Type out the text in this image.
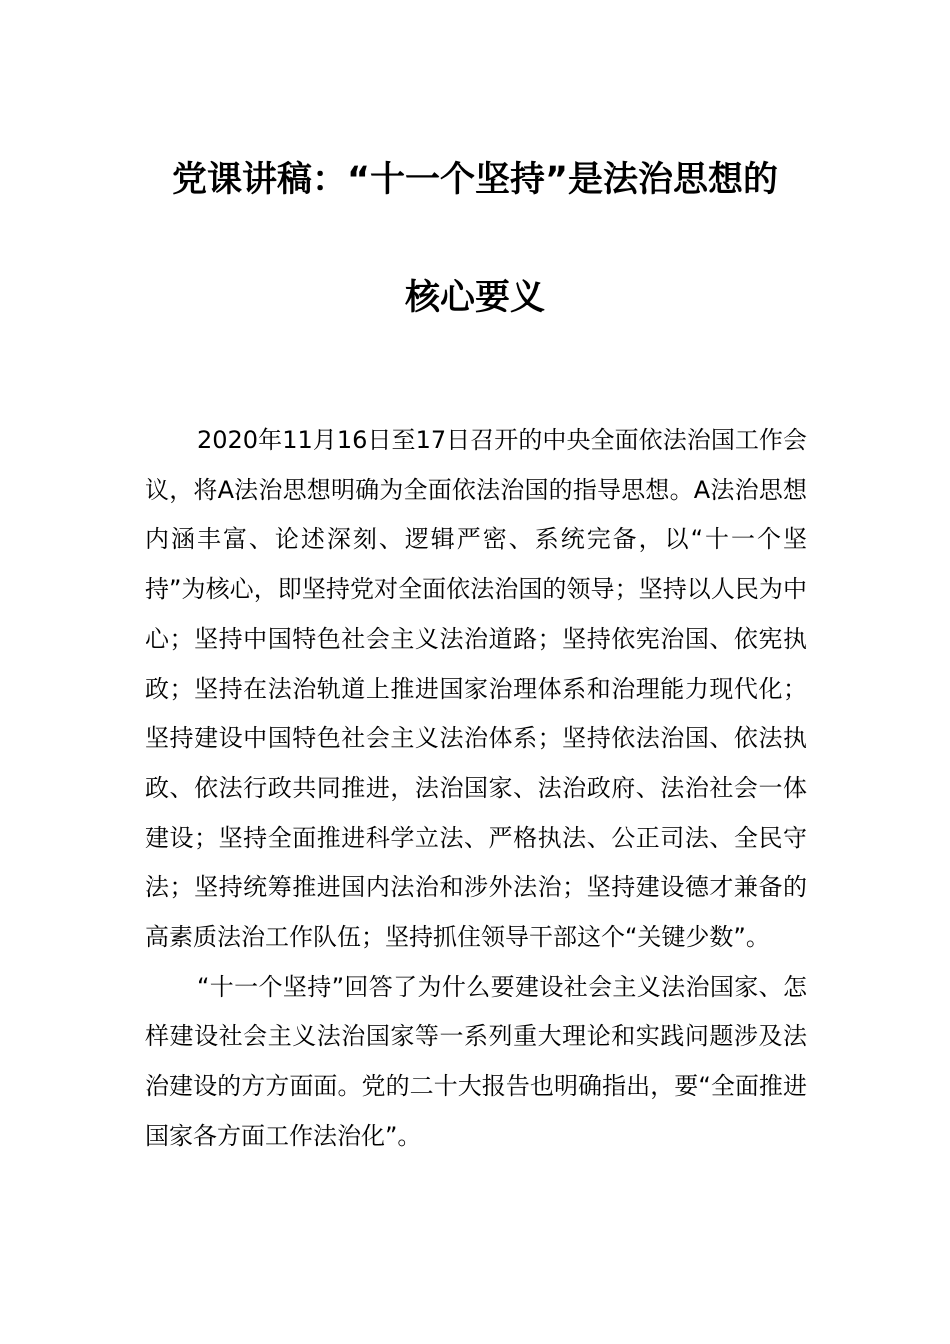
党课讲稿：“十一个坚持”是法治思想的
核心要义

2020年11月16日至17日召开的中央全面依法治国工作会议，将A法治思想明确为全面依法治国的指导思想。A法治思想内涵丰富、论述深刻、逻辑严密、系统完备，以“十一个坚持”为核心，即坚持党对全面依法治国的领导；坚持以人民为中心；坚持中国特色社会主义法治道路；坚持依宪治国、依宪执政；坚持在法治轨道上推进国家治理体系和治理能力现代化；坚持建设中国特色社会主义法治体系；坚持依法治国、依法执政、依法行政共同推进，法治国家、法治政府、法治社会一体建设；坚持全面推进科学立法、严格执法、公正司法、全民守法；坚持统筹推进国内法治和涉外法治；坚持建设德才兼备的高素质法治工作队伍；坚持抓住领导干部这个“关键少数”。

“十一个坚持”回答了为什么要建设社会主义法治国家、怎样建设社会主义法治国家等一系列重大理论和实践问题涉及法治建设的方方面面。党的二十大报告也明确指出，要“全面推进国家各方面工作法治化”。
